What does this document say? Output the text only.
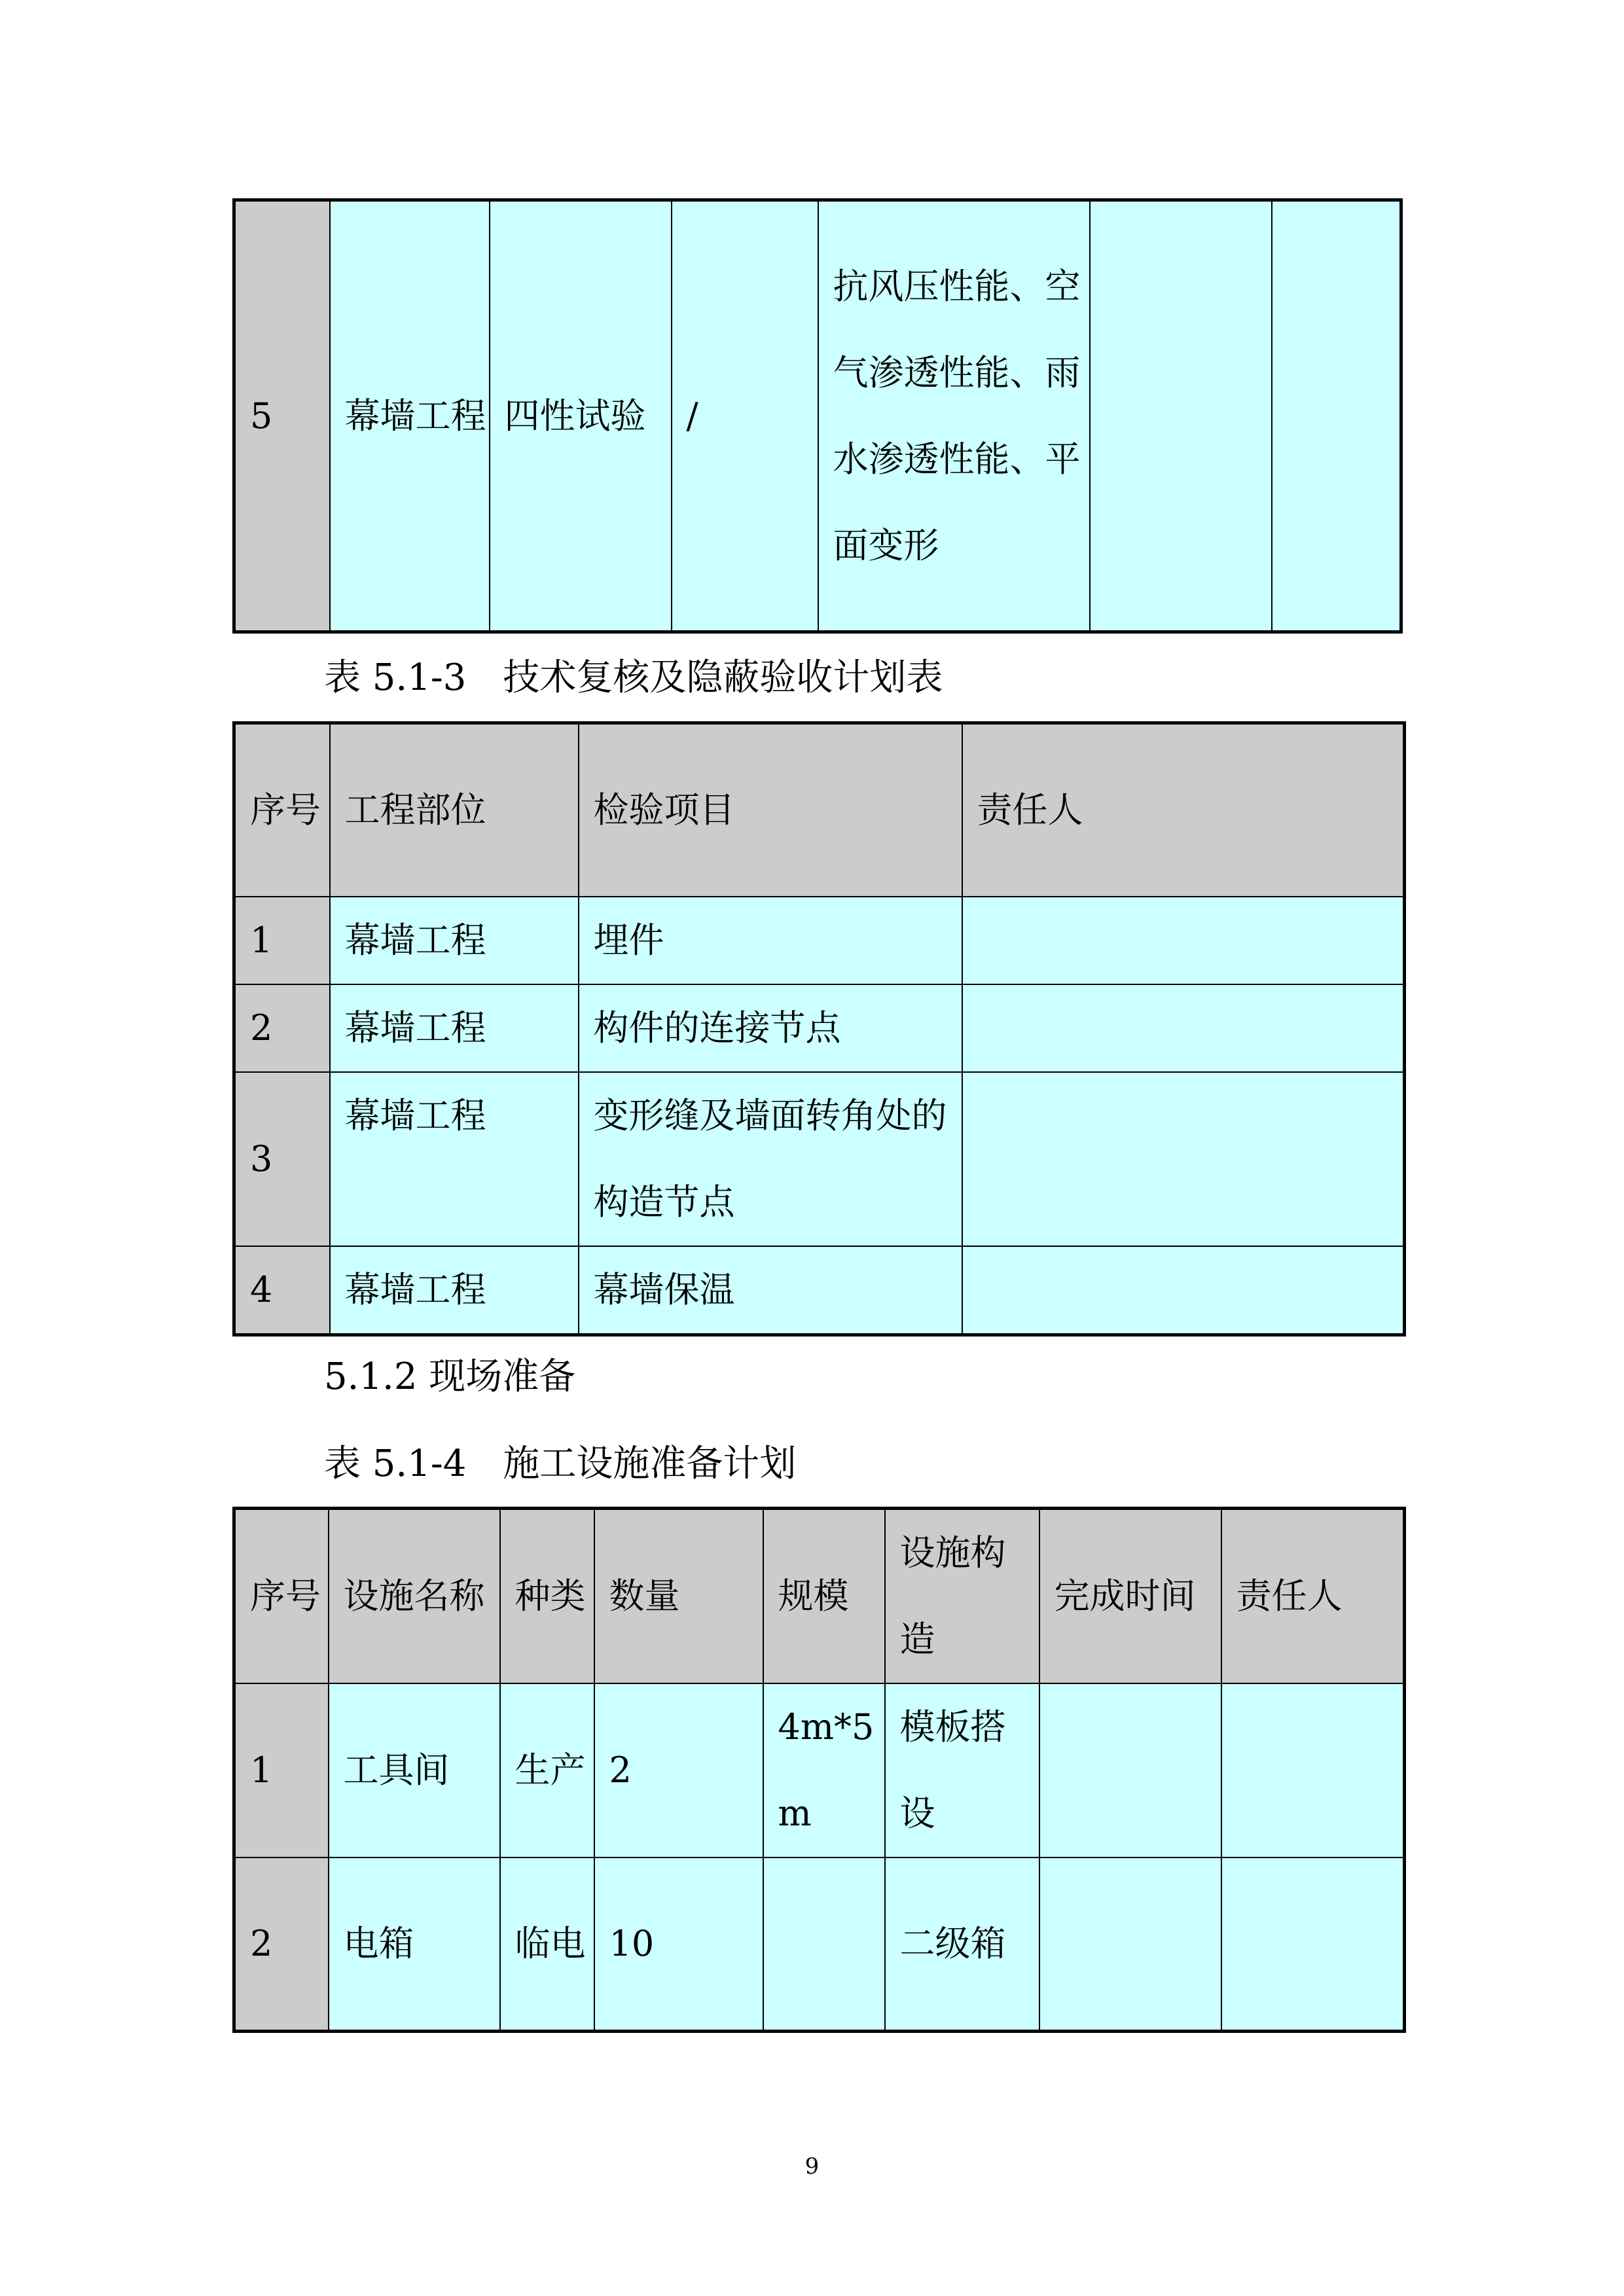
5	幕墙工程	四性试验	/	抗风压性能、空气渗透性能、雨水渗透性能、平面变形		
表 5.1-3　技术复核及隐蔽验收计划表
序号	工程部位	检验项目	责任人
1	幕墙工程	埋件	
2	幕墙工程	构件的连接节点	
3	幕墙工程	变形缝及墙面转角处的构造节点	
4	幕墙工程	幕墙保温	
5.1.2 现场准备
表 5.1-4　施工设施准备计划
序号	设施名称	种类	数量	规模	设施构造	完成时间	责任人
1	工具间	生产	2	4m*5m	模板搭设		
2	电箱	临电	10		二级箱		
9
